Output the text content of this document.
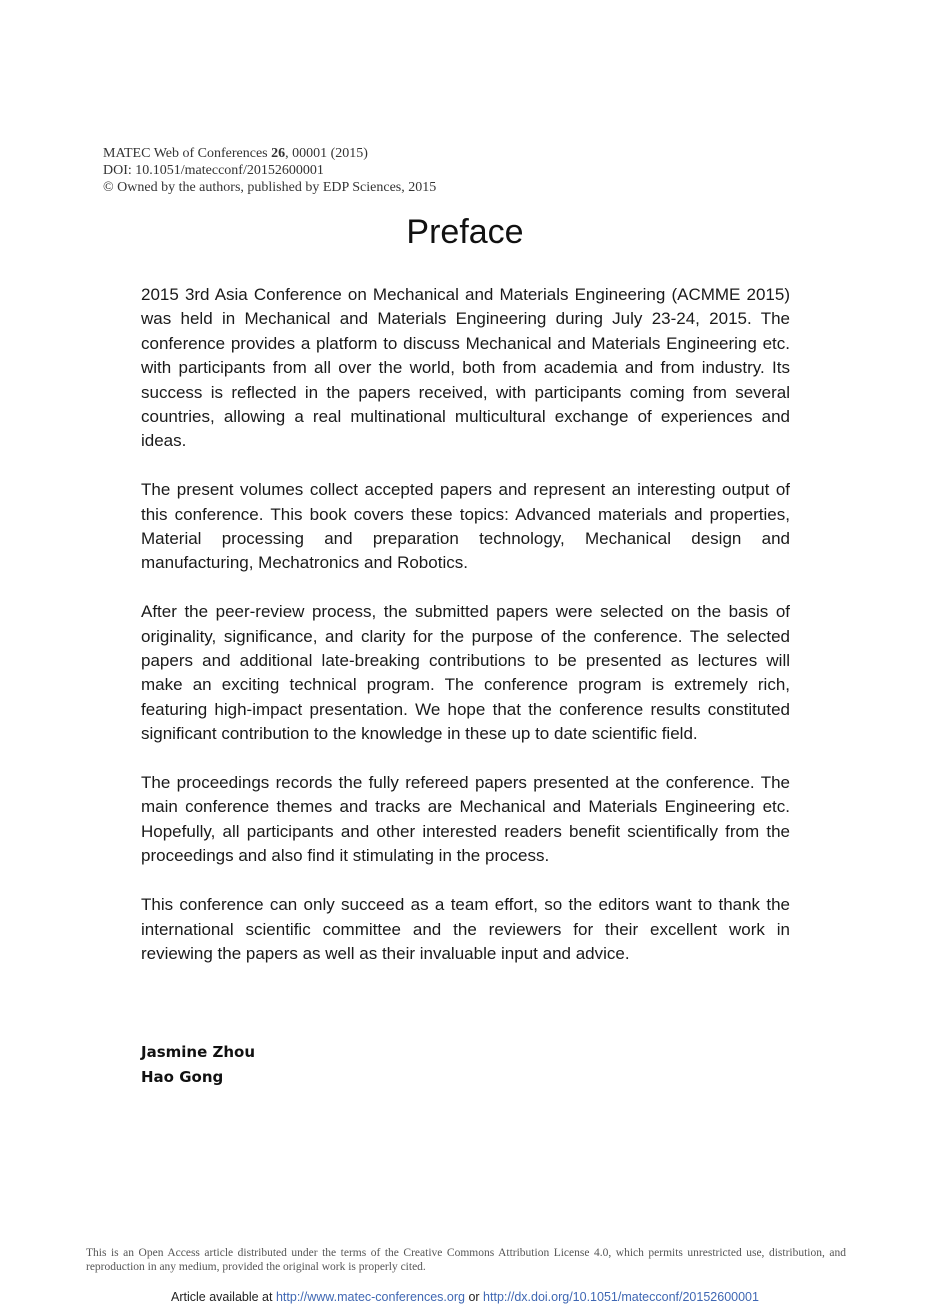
MATEC Web of Conferences 26, 00001 (2015)
DOI: 10.1051/matecconf/20152600001
© Owned by the authors, published by EDP Sciences, 2015
Preface

2015 3rd Asia Conference on Mechanical and Materials Engineering (ACMME 2015) was held in Mechanical and Materials Engineering during July 23-24, 2015. The conference provides a platform to discuss Mechanical and Materials Engineering etc. with participants from all over the world, both from academia and from industry. Its success is reflected in the papers received, with participants coming from several countries, allowing a real multinational multicultural exchange of experiences and ideas.

The present volumes collect accepted papers and represent an interesting output of this conference. This book covers these topics: Advanced materials and properties, Material processing and preparation technology, Mechanical design and manufacturing, Mechatronics and Robotics.

After the peer-review process, the submitted papers were selected on the basis of originality, significance, and clarity for the purpose of the conference. The selected papers and additional late-breaking contributions to be presented as lectures will make an exciting technical program. The conference program is extremely rich, featuring high-impact presentation. We hope that the conference results constituted significant contribution to the knowledge in these up to date scientific field.

The proceedings records the fully refereed papers presented at the conference. The main conference themes and tracks are Mechanical and Materials Engineering etc. Hopefully, all participants and other interested readers benefit scientifically from the proceedings and also find it stimulating in the process.

This conference can only succeed as a team effort, so the editors want to thank the international scientific committee and the reviewers for their excellent work in reviewing the papers as well as their invaluable input and advice.

Jasmine Zhou
Hao Gong
This is an Open Access article distributed under the terms of the Creative Commons Attribution License 4.0, which permits unrestricted use, distribution, and reproduction in any medium, provided the original work is properly cited.
Article available at http://www.matec-conferences.org or http://dx.doi.org/10.1051/matecconf/20152600001
